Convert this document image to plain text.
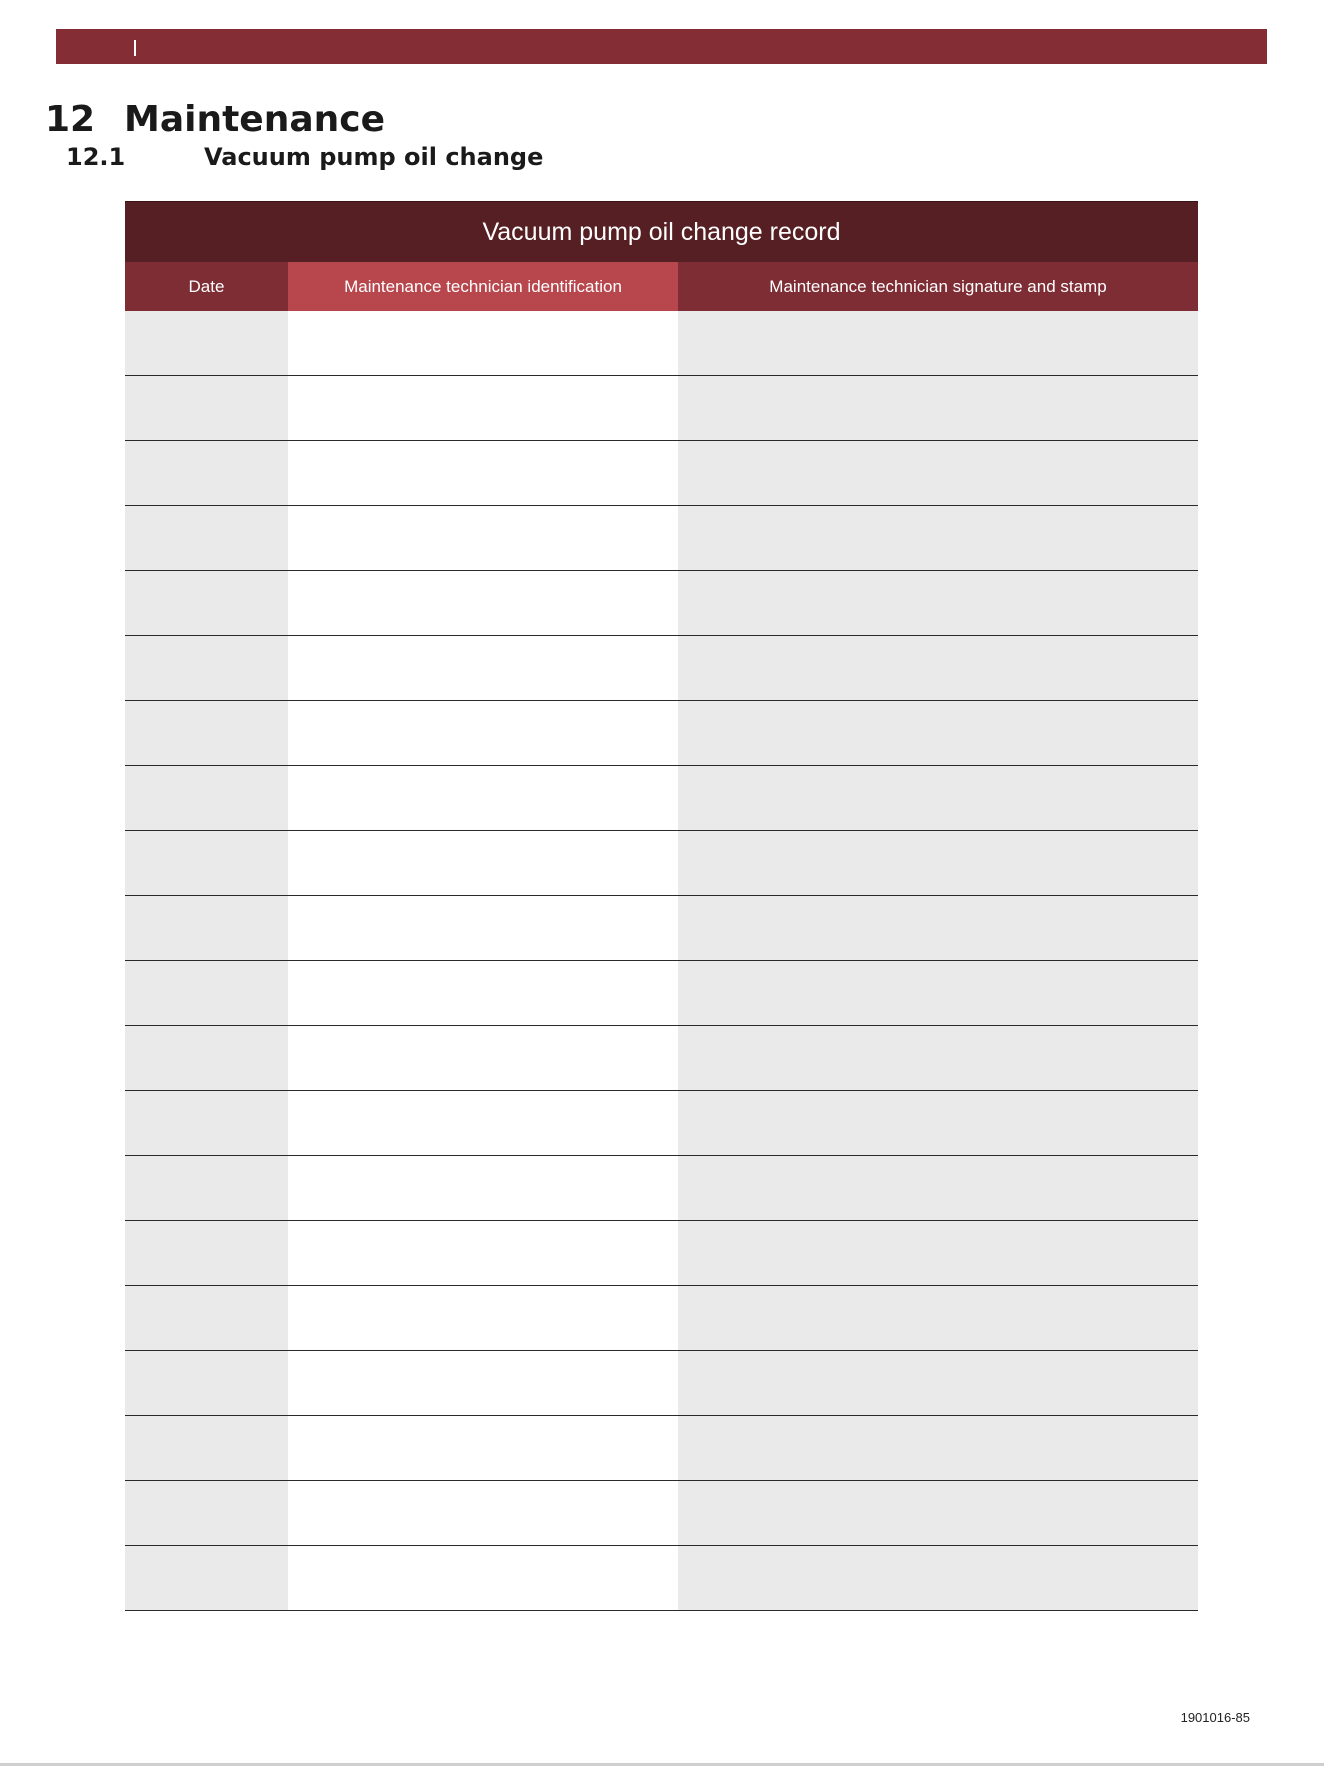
12 Maintenance
12.1	Vacuum pump oil change
Vacuum pump oil change record
Date	Maintenance technician identification	Maintenance technician signature and stamp
1901016-85
